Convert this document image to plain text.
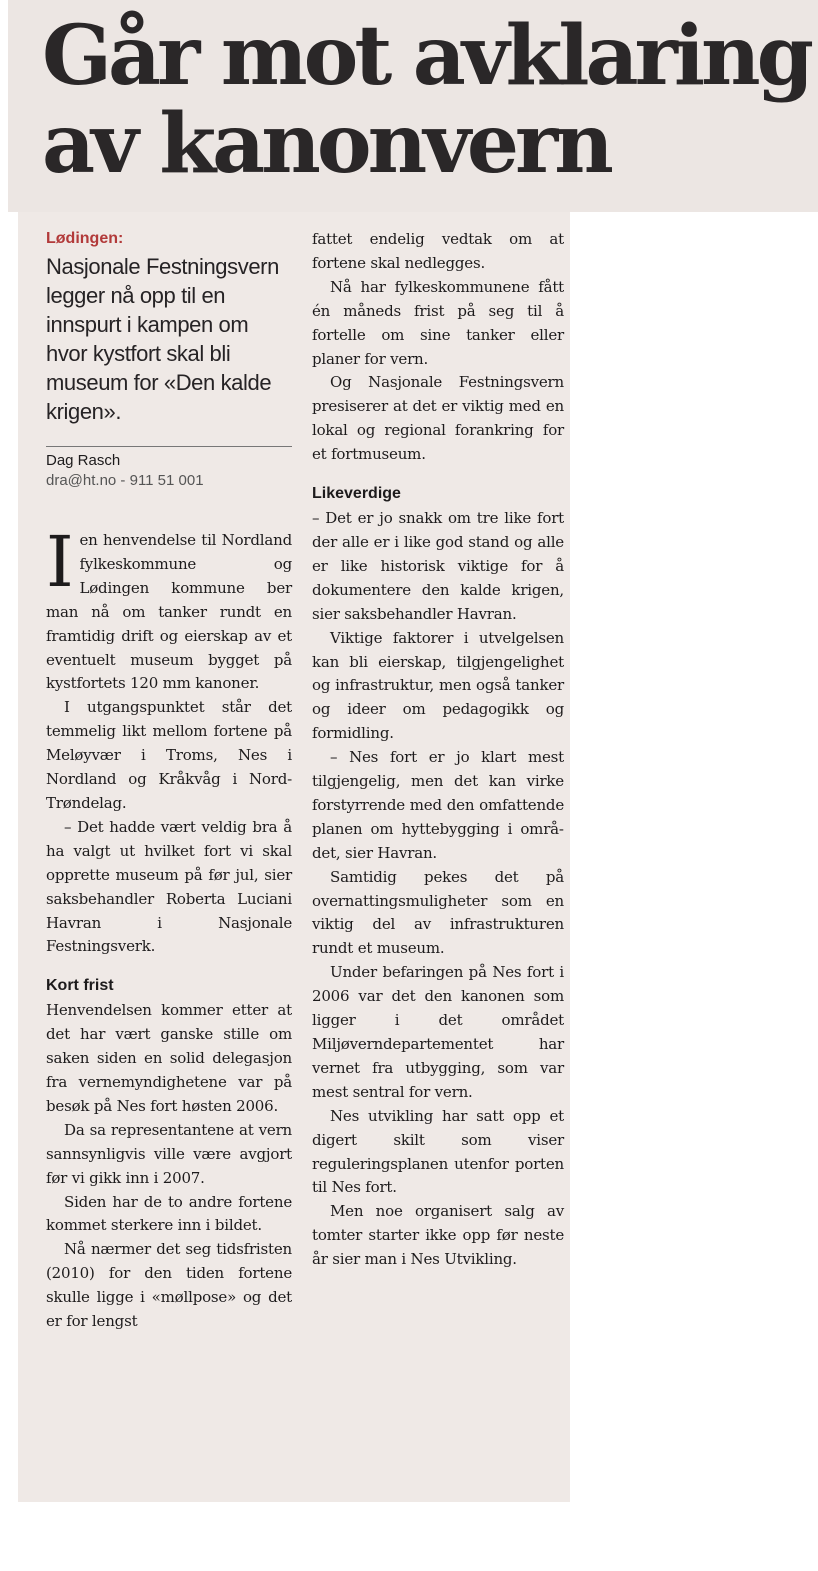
Går mot avklaring
av kanonvern
Lødingen:
Nasjonale Festningsvern legger nå opp til en innspurt i kampen om hvor kystfort skal bli museum for «Den kalde krigen».
Dag Rasch
dra@ht.no - 911 51 001
I en henvendelse til Nordland fylkeskommune og Lødingen kommune ber man nå om tanker rundt en framtidig drift og eierskap av et eventuelt museum bygget på kystfortets 120 mm kanoner.

I utgangspunktet står det temmelig likt mellom fortene på Meløyvær i Troms, Nes i Nordland og Kråkvåg i Nord- Trøndelag.

– Det hadde vært veldig bra å ha valgt ut hvilket fort vi skal opprette museum på før jul, sier saksbehandler Roberta Luciani Havran i Nasjonale Festningsverk.

Kort frist

Henvendelsen kommer etter at det har vært ganske stille om saken siden en solid delegasjon fra vernemyndighetene var på besøk på Nes fort høsten 2006.

Da sa representantene at vern sannsynligvis ville være avgjort før vi gikk inn i 2007.

Siden har de to andre fortene kommet sterkere inn i bildet.

Nå nærmer det seg tidsfristen (2010) for den tiden fortene skulle ligge i «møllpose» og det er for lengst

fattet endelig vedtak om at fortene skal nedlegges.

Nå har fylkeskommunene fått én måneds frist på seg til å fortelle om sine tanker eller planer for vern.

Og Nasjonale Festningsvern presiserer at det er viktig med en lokal og regional forankring for et fortmuseum.

Likeverdige

– Det er jo snakk om tre like fort der alle er i like god stand og alle er like historisk viktige for å dokumentere den kalde krigen, sier saksbehandler Havran.

Viktige faktorer i utvelgelsen kan bli eierskap, tilgjengelighet og infrastruktur, men også tanker og ideer om pedagogikk og formidling.

– Nes fort er jo klart mest tilgjengelig, men det kan virke forstyrrende med den omfattende planen om hyttebygging i området, sier Havran.

Samtidig pekes det på overnattingsmuligheter som en viktig del av infrastrukturen rundt et museum.

Under befaringen på Nes fort i 2006 var det den kanonen som ligger i det området Miljøverndepartementet har vernet fra utbygging, som var mest sentral for vern.

Nes utvikling har satt opp et digert skilt som viser reguleringsplanen utenfor porten til Nes fort.

Men noe organisert salg av tomter starter ikke opp før neste år sier man i Nes Utvikling.
